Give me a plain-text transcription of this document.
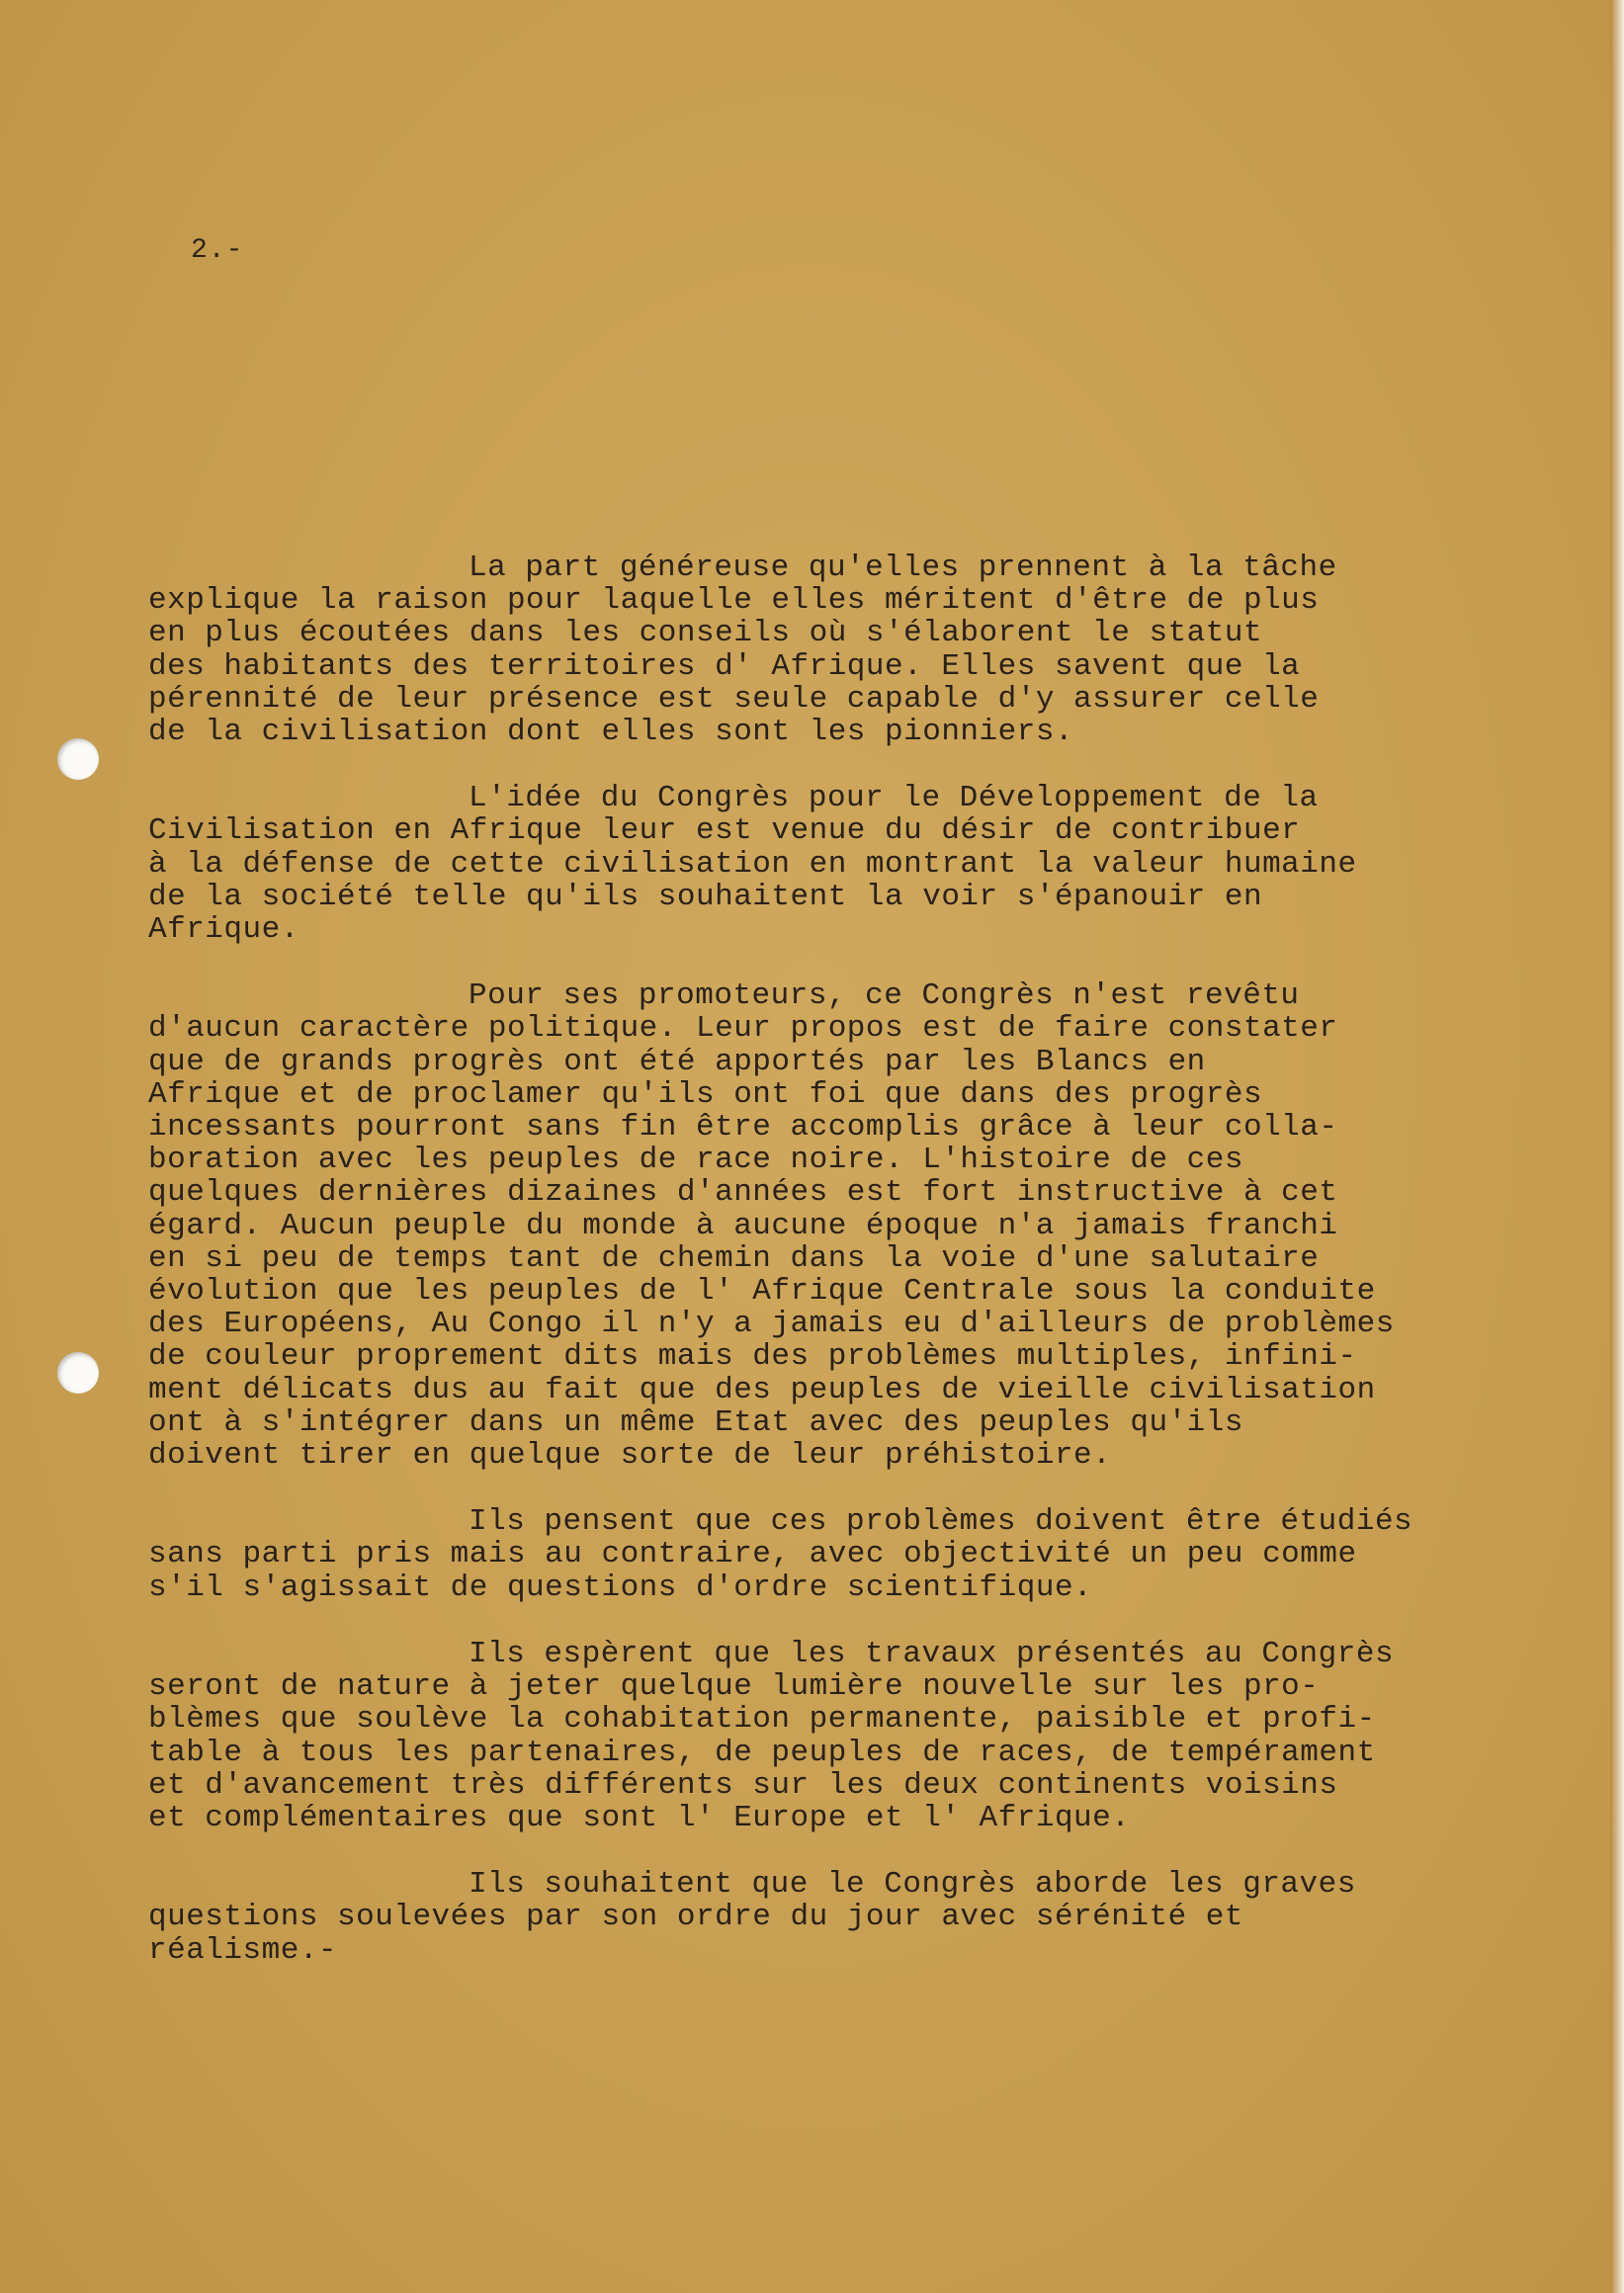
2.-
La part généreuse qu'elles prennent à la tâche
explique la raison pour laquelle elles méritent d'être de plus
en plus écoutées dans les conseils où s'élaborent le statut
des habitants des territoires d' Afrique. Elles savent que la
pérennité de leur présence est seule capable d'y assurer celle
de la civilisation dont elles sont les pionniers.
L'idée du Congrès pour le Développement de la
Civilisation en Afrique leur est venue du désir de contribuer
à la défense de cette civilisation en montrant la valeur humaine
de la société telle qu'ils souhaitent la voir s'épanouir en
Afrique.
Pour ses promoteurs, ce Congrès n'est revêtu
d'aucun caractère politique. Leur propos est de faire constater
que de grands progrès ont été apportés par les Blancs en
Afrique et de proclamer qu'ils ont foi que dans des progrès
incessants pourront sans fin être accomplis grâce à leur colla-
boration avec les peuples de race noire. L'histoire de ces
quelques dernières dizaines d'années est fort instructive à cet
égard. Aucun peuple du monde à aucune époque n'a jamais franchi
en si peu de temps tant de chemin dans la voie d'une salutaire
évolution que les peuples de l' Afrique Centrale sous la conduite
des Européens, Au Congo il n'y a jamais eu d'ailleurs de problèmes
de couleur proprement dits mais des problèmes multiples, infini-
ment délicats dus au fait que des peuples de vieille civilisation
ont à s'intégrer dans un même Etat avec des peuples qu'ils
doivent tirer en quelque sorte de leur préhistoire.
Ils pensent que ces problèmes doivent être étudiés
sans parti pris mais au contraire, avec objectivité un peu comme
s'il s'agissait de questions d'ordre scientifique.
Ils espèrent que les travaux présentés au Congrès
seront de nature à jeter quelque lumière nouvelle sur les pro-
blèmes que soulève la cohabitation permanente, paisible et profi-
table à tous les partenaires, de peuples de races, de tempérament
et d'avancement très différents sur les deux continents voisins
et complémentaires que sont l' Europe et l' Afrique.
Ils souhaitent que le Congrès aborde les graves
questions soulevées par son ordre du jour avec sérénité et
réalisme.-
